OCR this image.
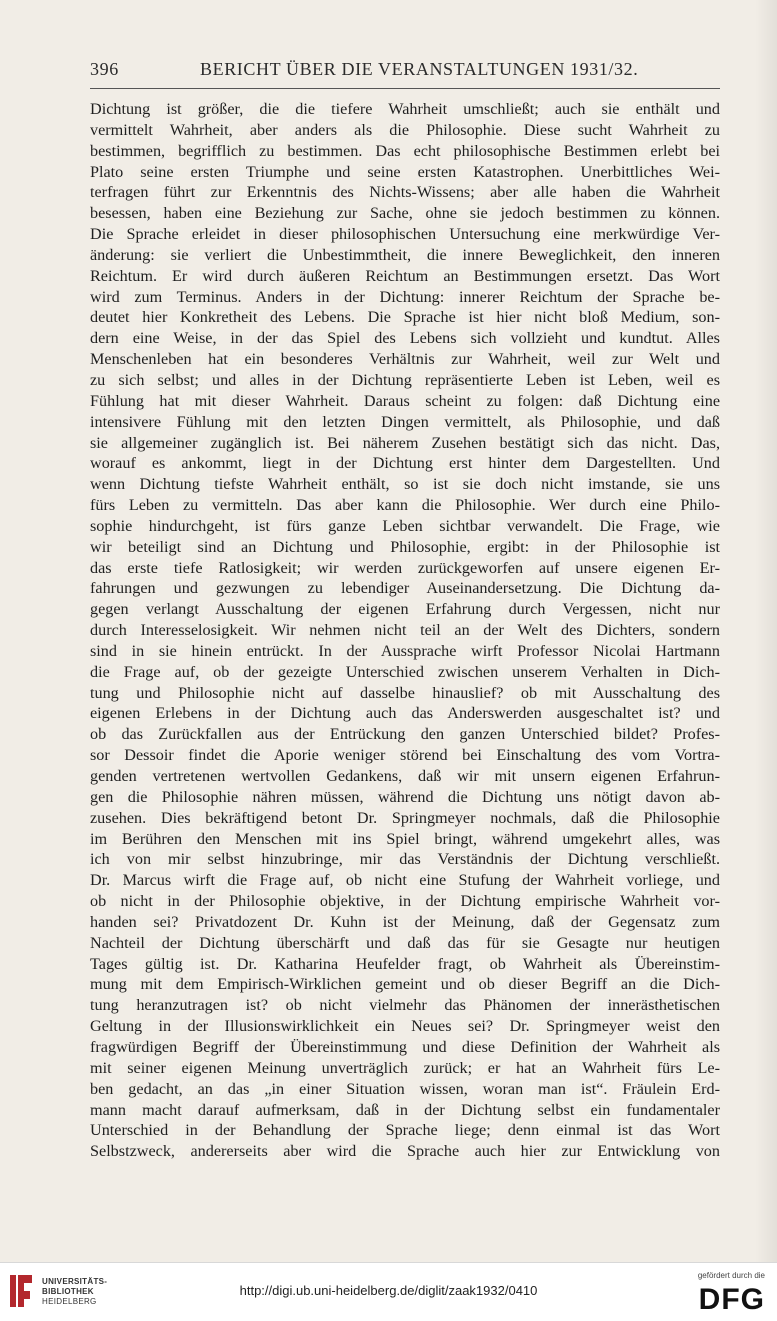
396	BERICHT ÜBER DIE VERANSTALTUNGEN 1931/32.
Dichtung ist größer, die die tiefere Wahrheit umschließt; auch sie enthält und
vermittelt Wahrheit, aber anders als die Philosophie. Diese sucht Wahrheit zu
bestimmen, begrifflich zu bestimmen. Das echt philosophische Bestimmen erlebt bei
Plato seine ersten Triumphe und seine ersten Katastrophen. Unerbittliches Wei-
terfragen führt zur Erkenntnis des Nichts-Wissens; aber alle haben die Wahrheit
besessen, haben eine Beziehung zur Sache, ohne sie jedoch bestimmen zu können.
Die Sprache erleidet in dieser philosophischen Untersuchung eine merkwürdige Ver-
änderung: sie verliert die Unbestimmtheit, die innere Beweglichkeit, den inneren
Reichtum. Er wird durch äußeren Reichtum an Bestimmungen ersetzt. Das Wort
wird zum Terminus. Anders in der Dichtung: innerer Reichtum der Sprache be-
deutet hier Konkretheit des Lebens. Die Sprache ist hier nicht bloß Medium, son-
dern eine Weise, in der das Spiel des Lebens sich vollzieht und kundtut. Alles
Menschenleben hat ein besonderes Verhältnis zur Wahrheit, weil zur Welt und
zu sich selbst; und alles in der Dichtung repräsentierte Leben ist Leben, weil es
Fühlung hat mit dieser Wahrheit. Daraus scheint zu folgen: daß Dichtung eine
intensivere Fühlung mit den letzten Dingen vermittelt, als Philosophie, und daß
sie allgemeiner zugänglich ist. Bei näherem Zusehen bestätigt sich das nicht. Das,
worauf es ankommt, liegt in der Dichtung erst hinter dem Dargestellten. Und
wenn Dichtung tiefste Wahrheit enthält, so ist sie doch nicht imstande, sie uns
fürs Leben zu vermitteln. Das aber kann die Philosophie. Wer durch eine Philo-
sophie hindurchgeht, ist fürs ganze Leben sichtbar verwandelt. Die Frage, wie
wir beteiligt sind an Dichtung und Philosophie, ergibt: in der Philosophie ist
das erste tiefe Ratlosigkeit; wir werden zurückgeworfen auf unsere eigenen Er-
fahrungen und gezwungen zu lebendiger Auseinandersetzung. Die Dichtung da-
gegen verlangt Ausschaltung der eigenen Erfahrung durch Vergessen, nicht nur
durch Interesselosigkeit. Wir nehmen nicht teil an der Welt des Dichters, sondern
sind in sie hinein entrückt. In der Aussprache wirft Professor Nicolai Hartmann
die Frage auf, ob der gezeigte Unterschied zwischen unserem Verhalten in Dich-
tung und Philosophie nicht auf dasselbe hinauslief? ob mit Ausschaltung des
eigenen Erlebens in der Dichtung auch das Anderswerden ausgeschaltet ist? und
ob das Zurückfallen aus der Entrückung den ganzen Unterschied bildet? Profes-
sor Dessoir findet die Aporie weniger störend bei Einschaltung des vom Vortra-
genden vertretenen wertvollen Gedankens, daß wir mit unsern eigenen Erfahrun-
gen die Philosophie nähren müssen, während die Dichtung uns nötigt davon ab-
zusehen. Dies bekräftigend betont Dr. Springmeyer nochmals, daß die Philosophie
im Berühren den Menschen mit ins Spiel bringt, während umgekehrt alles, was
ich von mir selbst hinzubringe, mir das Verständnis der Dichtung verschließt.
Dr. Marcus wirft die Frage auf, ob nicht eine Stufung der Wahrheit vorliege, und
ob nicht in der Philosophie objektive, in der Dichtung empirische Wahrheit vor-
handen sei? Privatdozent Dr. Kuhn ist der Meinung, daß der Gegensatz zum
Nachteil der Dichtung überschärft und daß das für sie Gesagte nur heutigen
Tages gültig ist. Dr. Katharina Heufelder fragt, ob Wahrheit als Übereinstim-
mung mit dem Empirisch-Wirklichen gemeint und ob dieser Begriff an die Dich-
tung heranzutragen ist? ob nicht vielmehr das Phänomen der innerästhetischen
Geltung in der Illusionswirklichkeit ein Neues sei? Dr. Springmeyer weist den
fragwürdigen Begriff der Übereinstimmung und diese Definition der Wahrheit als
mit seiner eigenen Meinung unverträglich zurück; er hat an Wahrheit fürs Le-
ben gedacht, an das „in einer Situation wissen, woran man ist“. Fräulein Erd-
mann macht darauf aufmerksam, daß in der Dichtung selbst ein fundamentaler
Unterschied in der Behandlung der Sprache liege; denn einmal ist das Wort
Selbstzweck, andererseits aber wird die Sprache auch hier zur Entwicklung von
UNIVERSITÄTS-
BIBLIOTHEK
HEIDELBERG
http://digi.ub.uni-heidelberg.de/diglit/zaak1932/0410
gefördert durch die
DFG
